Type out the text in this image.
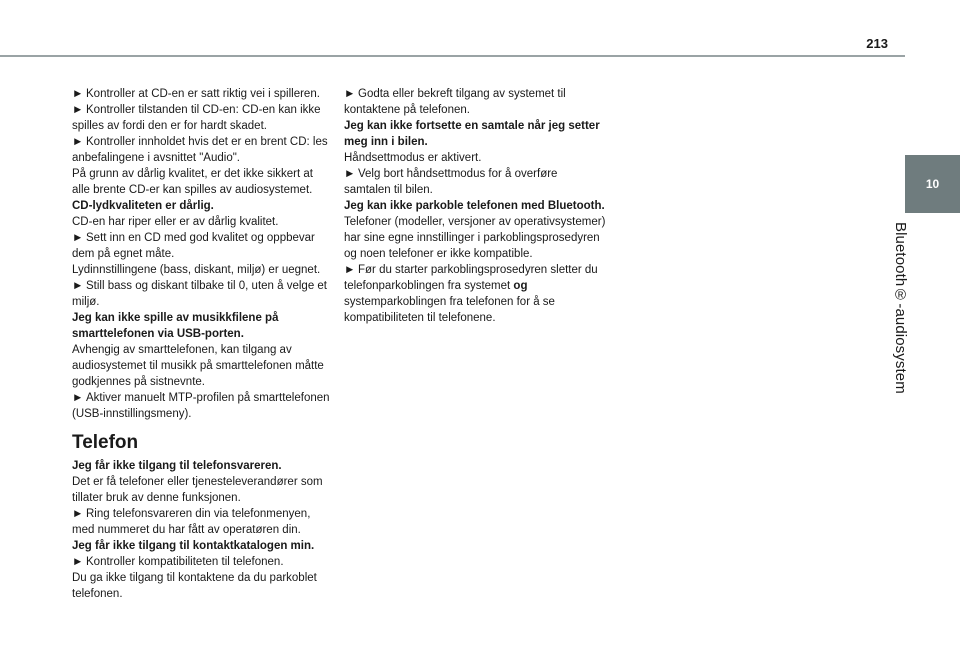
213
10
Bluetooth®-audiosystem

► Kontroller at CD-en er satt riktig vei i spilleren.

► Kontroller tilstanden til CD-en: CD-en kan ikke spilles av fordi den er for hardt skadet.

► Kontroller innholdet hvis det er en brent CD: les anbefalingene i avsnittet "Audio".

På grunn av dårlig kvalitet, er det ikke sikkert at alle brente CD-er kan spilles av audiosystemet.

CD-lydkvaliteten er dårlig.

CD-en har riper eller er av dårlig kvalitet.

► Sett inn en CD med god kvalitet og oppbevar dem på egnet måte.

Lydinnstillingene (bass, diskant, miljø) er uegnet.

► Still bass og diskant tilbake til 0, uten å velge et miljø.

Jeg kan ikke spille av musikkfilene på smarttelefonen via USB-porten.

Avhengig av smarttelefonen, kan tilgang av audiosystemet til musikk på smarttelefonen måtte godkjennes på sistnevnte.

► Aktiver manuelt MTP-profilen på smarttelefonen (USB-innstillingsmeny).

Telefon

Jeg får ikke tilgang til telefonsvareren.

Det er få telefoner eller tjenesteleverandører som tillater bruk av denne funksjonen.

► Ring telefonsvareren din via telefonmenyen, med nummeret du har fått av operatøren din.

Jeg får ikke tilgang til kontaktkatalogen min.

► Kontroller kompatibiliteten til telefonen.

Du ga ikke tilgang til kontaktene da du parkoblet telefonen.

► Godta eller bekreft tilgang av systemet til kontaktene på telefonen.

Jeg kan ikke fortsette en samtale når jeg setter meg inn i bilen.

Håndsettmodus er aktivert.

► Velg bort håndsettmodus for å overføre samtalen til bilen.

Jeg kan ikke parkoble telefonen med Bluetooth.

Telefoner (modeller, versjoner av operativsystemer) har sine egne innstillinger i parkoblingsprosedyren og noen telefoner er ikke kompatible.

► Før du starter parkoblingsprosedyren sletter du telefonparkoblingen fra systemet og systemparkoblingen fra telefonen for å se kompatibiliteten til telefonene.
